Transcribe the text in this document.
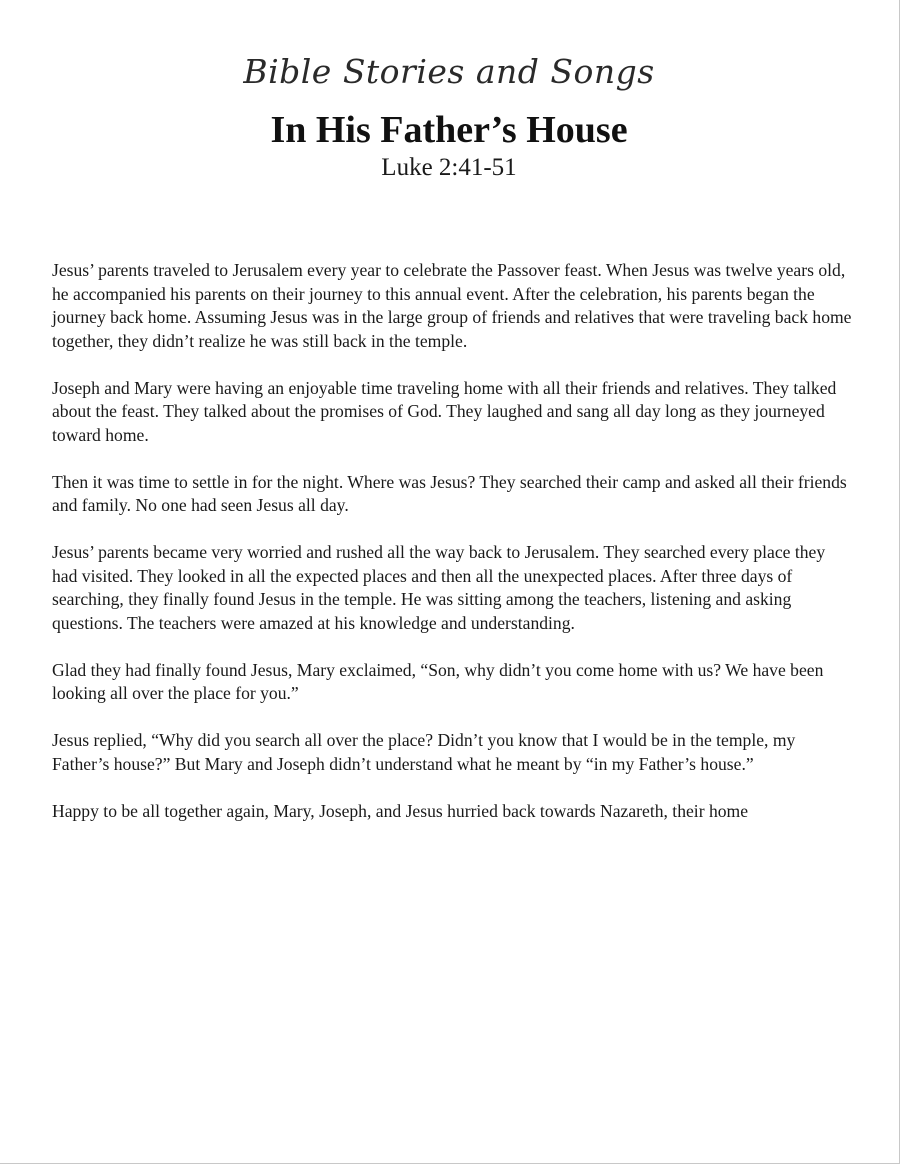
Bible Stories and Songs
In His Father’s House
Luke 2:41-51

Jesus’ parents traveled to Jerusalem every year to celebrate the Passover feast. When Jesus was twelve years old, he accompanied his parents on their journey to this annual event. After the celebration, his parents began the journey back home. Assuming Jesus was in the large group of friends and relatives that were traveling back home together, they didn’t realize he was still back in the temple.

Joseph and Mary were having an enjoyable time traveling home with all their friends and relatives. They talked about the feast. They talked about the promises of God. They laughed and sang all day long as they journeyed toward home.

Then it was time to settle in for the night. Where was Jesus? They searched their camp and asked all their friends and family. No one had seen Jesus all day.

Jesus’ parents became very worried and rushed all the way back to Jerusalem. They searched every place they had visited. They looked in all the expected places and then all the unexpected places. After three days of searching, they finally found Jesus in the temple. He was sitting among the teachers, listening and asking questions. The teachers were amazed at his knowledge and understanding.

Glad they had finally found Jesus, Mary exclaimed, “Son, why didn’t you come home with us? We have been looking all over the place for you.”

Jesus replied, “Why did you search all over the place? Didn’t you know that I would be in the temple, my Father’s house?” But Mary and Joseph didn’t understand what he meant by “in my Father’s house.”

Happy to be all together again, Mary, Joseph, and Jesus hurried back towards Nazareth, their home
